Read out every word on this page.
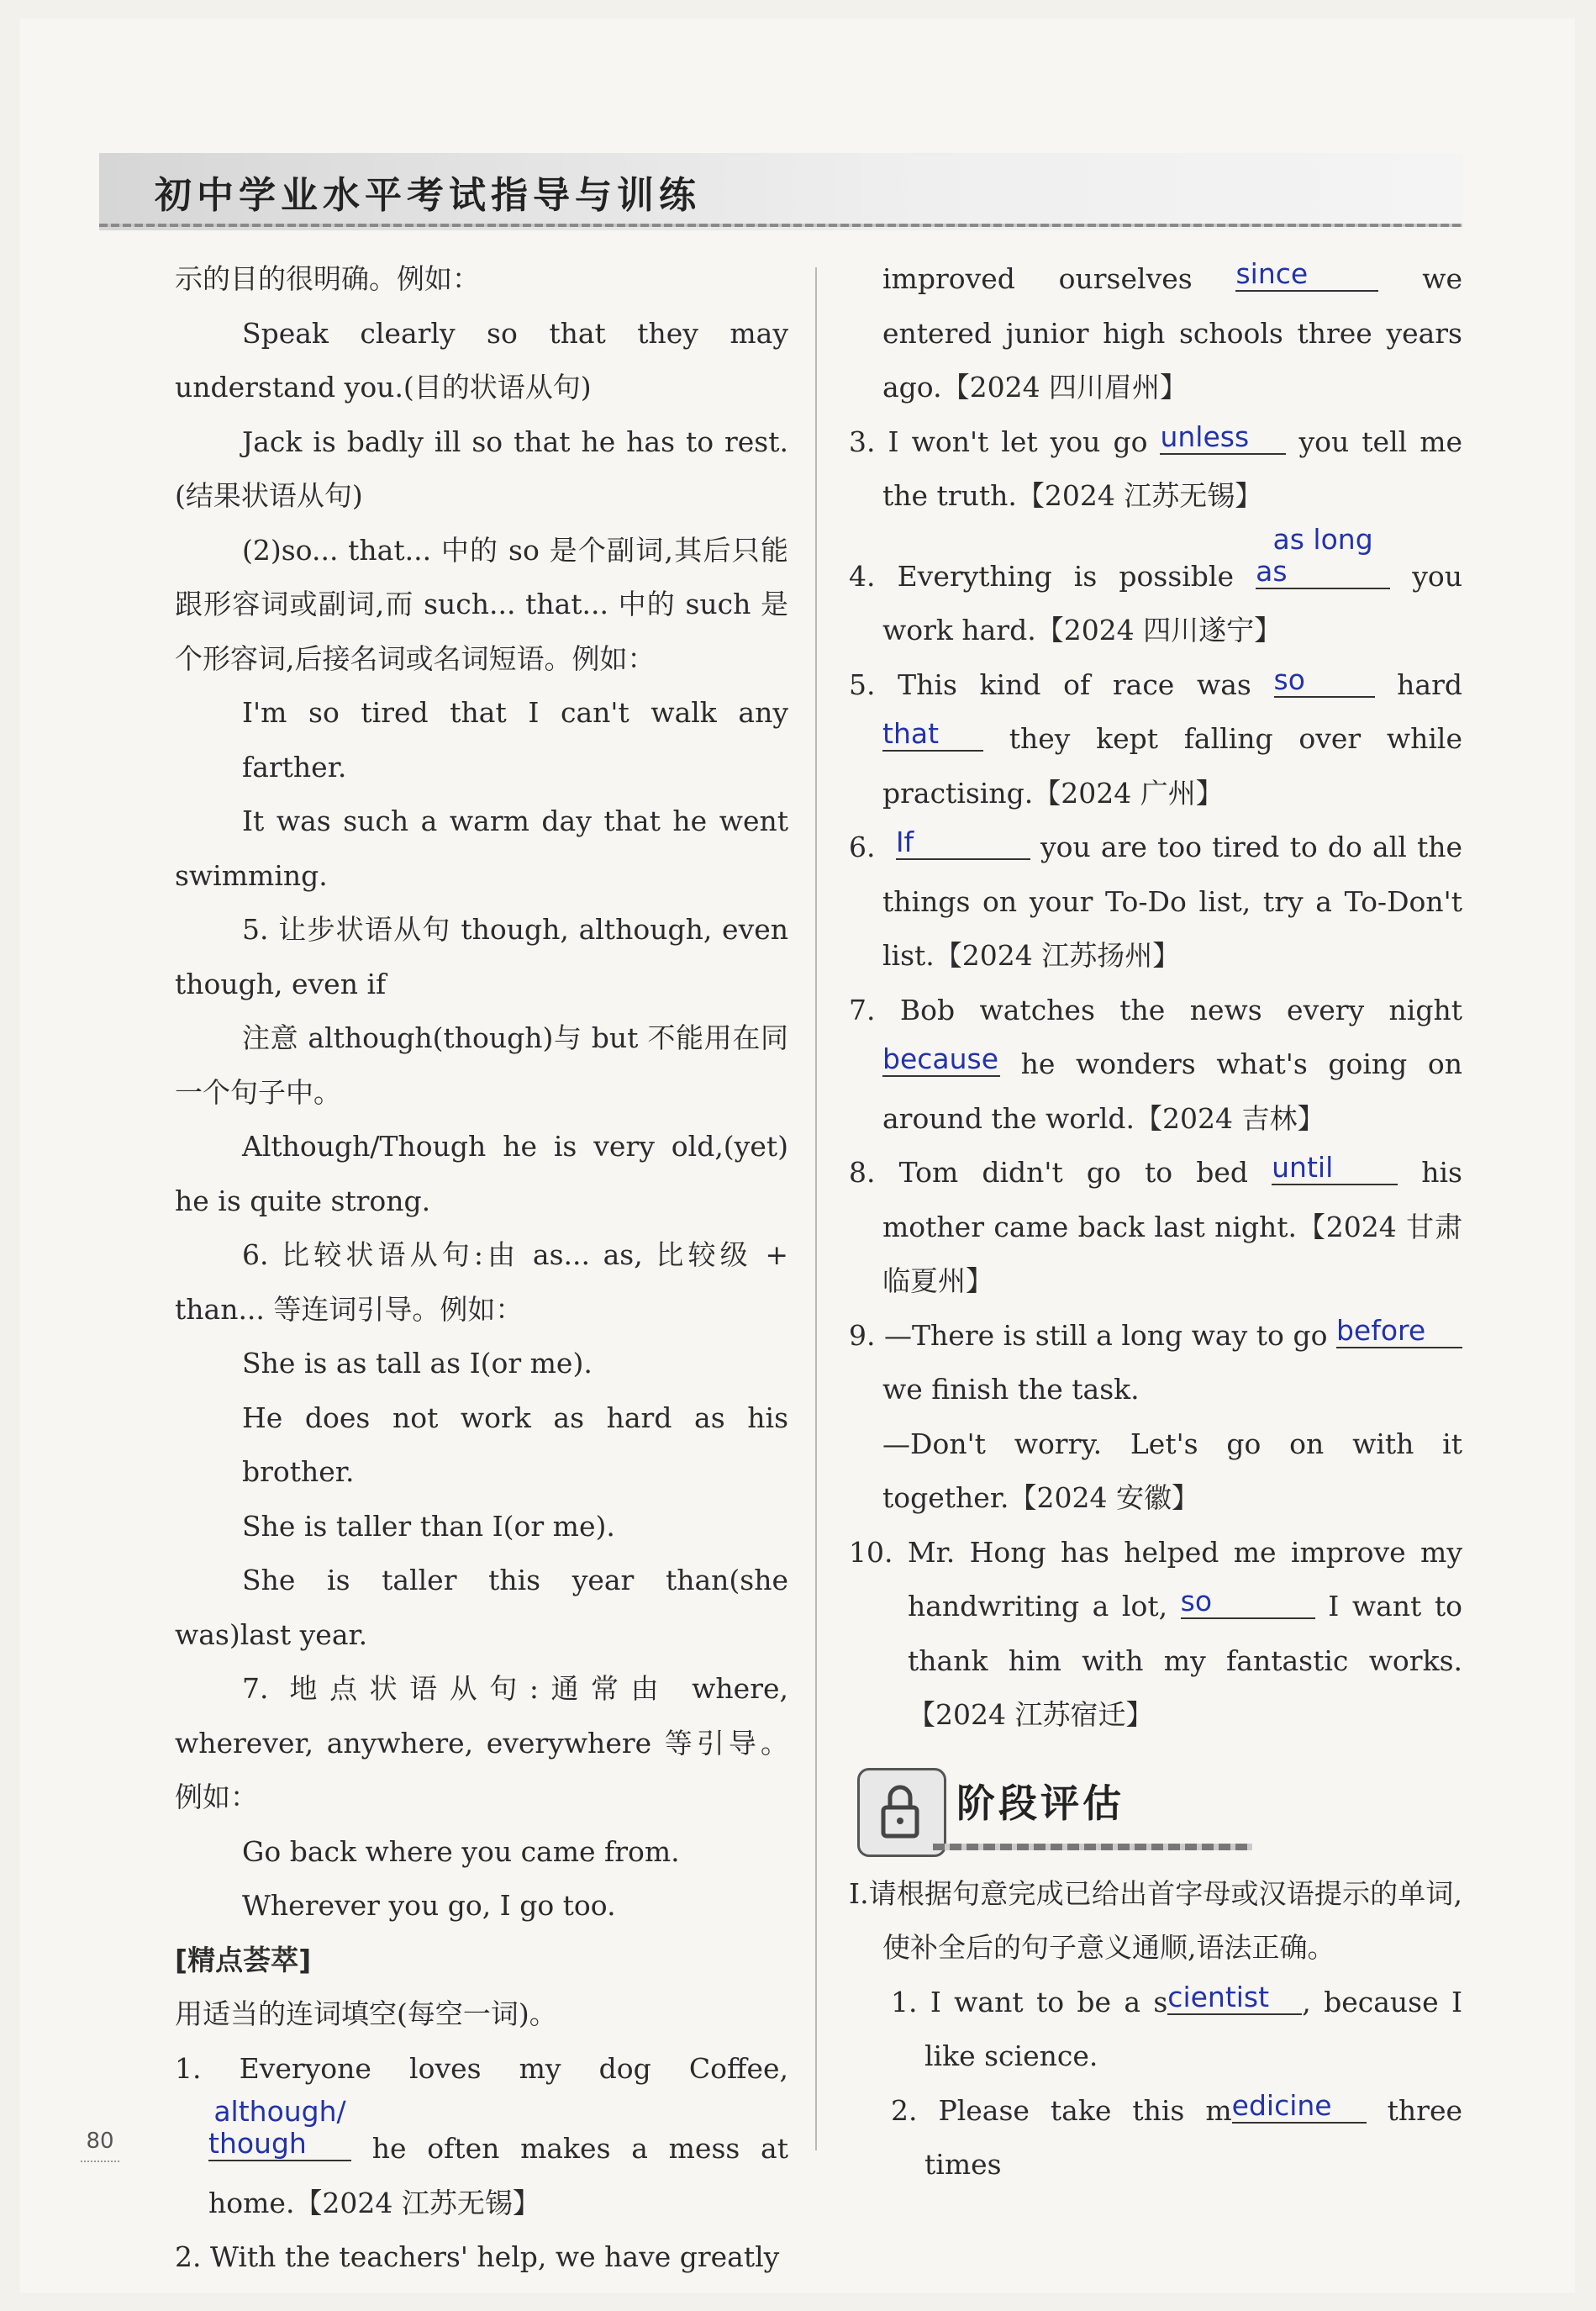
初中学业水平考试指导与训练

示的目的很明确。例如：

Speak clearly so that they may understand you.(目的状语从句)

Jack is badly ill so that he has to rest.(结果状语从句)

(2)so... that... 中的 so 是个副词,其后只能跟形容词或副词,而 such... that... 中的 such 是个形容词,后接名词或名词短语。例如：

I'm so tired that I can't walk any farther.

It was such a warm day that he went swimming.

5. 让步状语从句 though, although, even though, even if

注意 although(though)与 but 不能用在同一个句子中。

Although/Though he is very old,(yet) he is quite strong.

6. 比较状语从句:由 as... as, 比较级 + than... 等连词引导。例如：

She is as tall as I(or me).

He does not work as hard as his brother.

She is taller than I(or me).

She is taller this year than(she was)last year.

7. 地点状语从句:通常由 where, wherever, anywhere, everywhere 等引导。例如：

Go back where you came from.

Wherever you go, I go too.

[精点荟萃]

用适当的连词填空(每空一词)。

1. Everyone loves my dog Coffee, although/ though he often makes a mess at home.【2024 江苏无锡】

2. With the teachers' help, we have greatly

improved ourselves since	we entered junior high schools three years ago.【2024 四川眉州】

3. I won't let you go unless you tell me the truth.【2024 江苏无锡】

4. Everything is possible as long as	you work hard.【2024 四川遂宁】

5. This kind of race was so	hard that	they kept falling over while practising.【2024 广州】

6. If	you are too tired to do all the things on your To-Do list, try a To-Don't list.【2024 江苏扬州】

7. Bob watches the news every night because he wonders what's going on around the world.【2024 吉林】

8. Tom didn't go to bed until	his mother came back last night.【2024 甘肃临夏州】

9. —There is still a long way to go before we finish the task.

—Don't worry. Let's go on with it together.【2024 安徽】

10. Mr. Hong has helped me improve my handwriting a lot, so	I want to thank him with my fantastic works.【2024 江苏宿迁】

阶段评估

Ⅰ.请根据句意完成已给出首字母或汉语提示的单词,使补全后的句子意义通顺,语法正确。

1. I want to be a scientist , because I like science.

2. Please take this medicine three times

80
